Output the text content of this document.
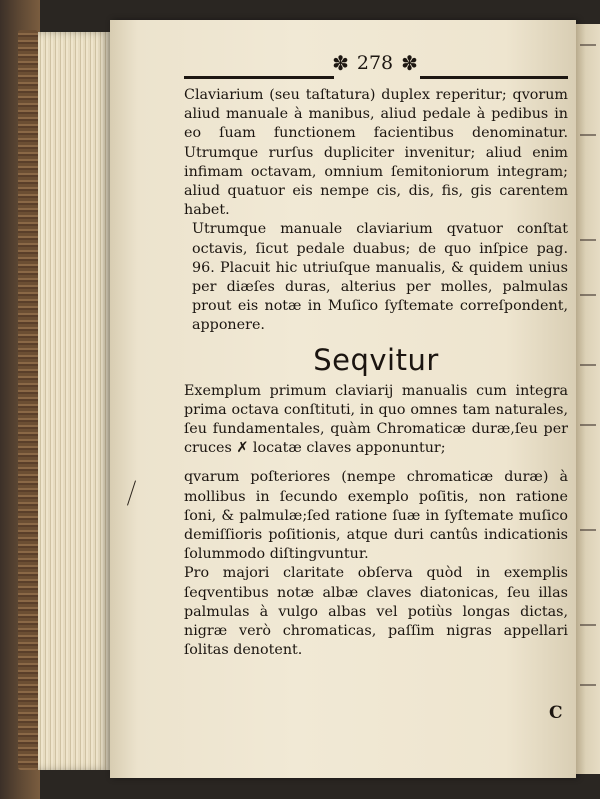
✽ 278 ✽

Claviarium (seu taſtatura) duplex reperitur; qvorum aliud manuale à manibus, aliud pedale à pedibus in eo ſuam functionem facientibus denominatur. Utrumque rurſus dupliciter invenitur; aliud enim infimam octavam, omnium ſemitoniorum integram; aliud quatuor eis nempe cis, dis, fis, gis carentem habet.

Utrumque manuale claviarium qvatuor conſtat octavis, ſicut pedale duabus; de quo inſpice pag. 96. Placuit hic utriuſque manualis, & quidem unius per diæſes duras, alterius per molles, palmulas prout eis notæ in Muſico ſyſtemate correſpondent, apponere.

Seqvitur

Exemplum primum claviarij manualis cum integra prima octava conſtituti, in quo omnes tam naturales, ſeu fundamentales, quàm Chromaticæ duræ,ſeu per cruces ✗ locatæ claves apponuntur;

qvarum poſteriores (nempe chromaticæ duræ) à mollibus in ſecundo exemplo poſitis, non ratione ſoni, & palmulæ;ſed ratione ſuæ in ſyſtemate muſico demiſſioris poſitionis, atque duri cantûs indicationis ſolummodo diſtingvuntur.

Pro majori claritate obſerva quòd in exemplis ſeqventibus notæ albæ claves diatonicas, ſeu illas palmulas à vulgo albas vel potiùs longas dictas, nigræ verò chromaticas, paſſim nigras appellari ſolitas denotent.

C
